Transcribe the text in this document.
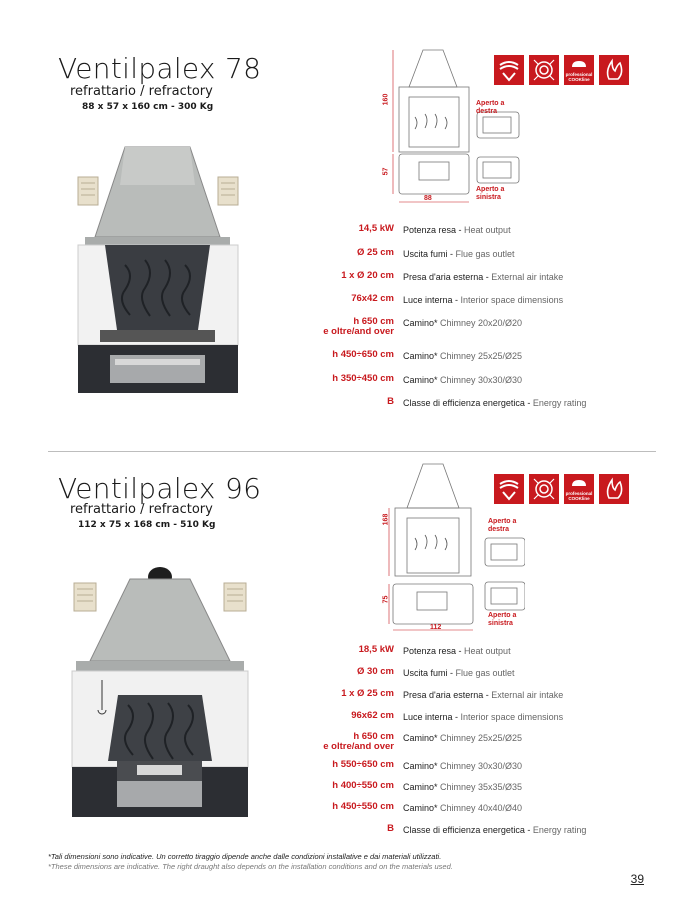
Ventilpalex 78
refrattario / refractory
88 x 57 x 160 cm - 300 Kg
160
57
88
Aperto a destra
Aperto a sinistra
professional
COOKline
14,5 kW Potenza resa - Heat output
Ø 25 cm Uscita fumi - Flue gas outlet
1 x Ø 20 cm Presa d'aria esterna - External air intake
76x42 cm Luce interna - Interior space dimensions
h 650 cm
e oltre/and over
Camino* Chimney 20x20/Ø20
h 450÷650 cm Camino* Chimney 25x25/Ø25
h 350÷450 cm Camino* Chimney 30x30/Ø30
B Classe di efficienza energetica - Energy rating
Ventilpalex 96
refrattario / refractory
112 x 75 x 168 cm - 510 Kg	168
75
112
Aperto a destra
Aperto a sinistra
professional
COOKline
18,5 kW Potenza resa - Heat output
Ø 30 cm Uscita fumi - Flue gas outlet
1 x Ø 25 cm Presa d'aria esterna - External air intake
96x62 cm Luce interna - Interior space dimensions
h 650 cm
e oltre/and over
Camino* Chimney 25x25/Ø25
h 550÷650 cm Camino* Chimney 30x30/Ø30
h 400÷550 cm Camino* Chimney 35x35/Ø35
h 450÷550 cm Camino* Chimney 40x40/Ø40
B Classe di efficienza energetica - Energy rating
*Tali dimensioni sono indicative. Un corretto tiraggio dipende anche dalle condizioni installative e dai materiali utilizzati.
*These dimensions are indicative. The right draught also depends on the installation conditions and on the materials used.
39
